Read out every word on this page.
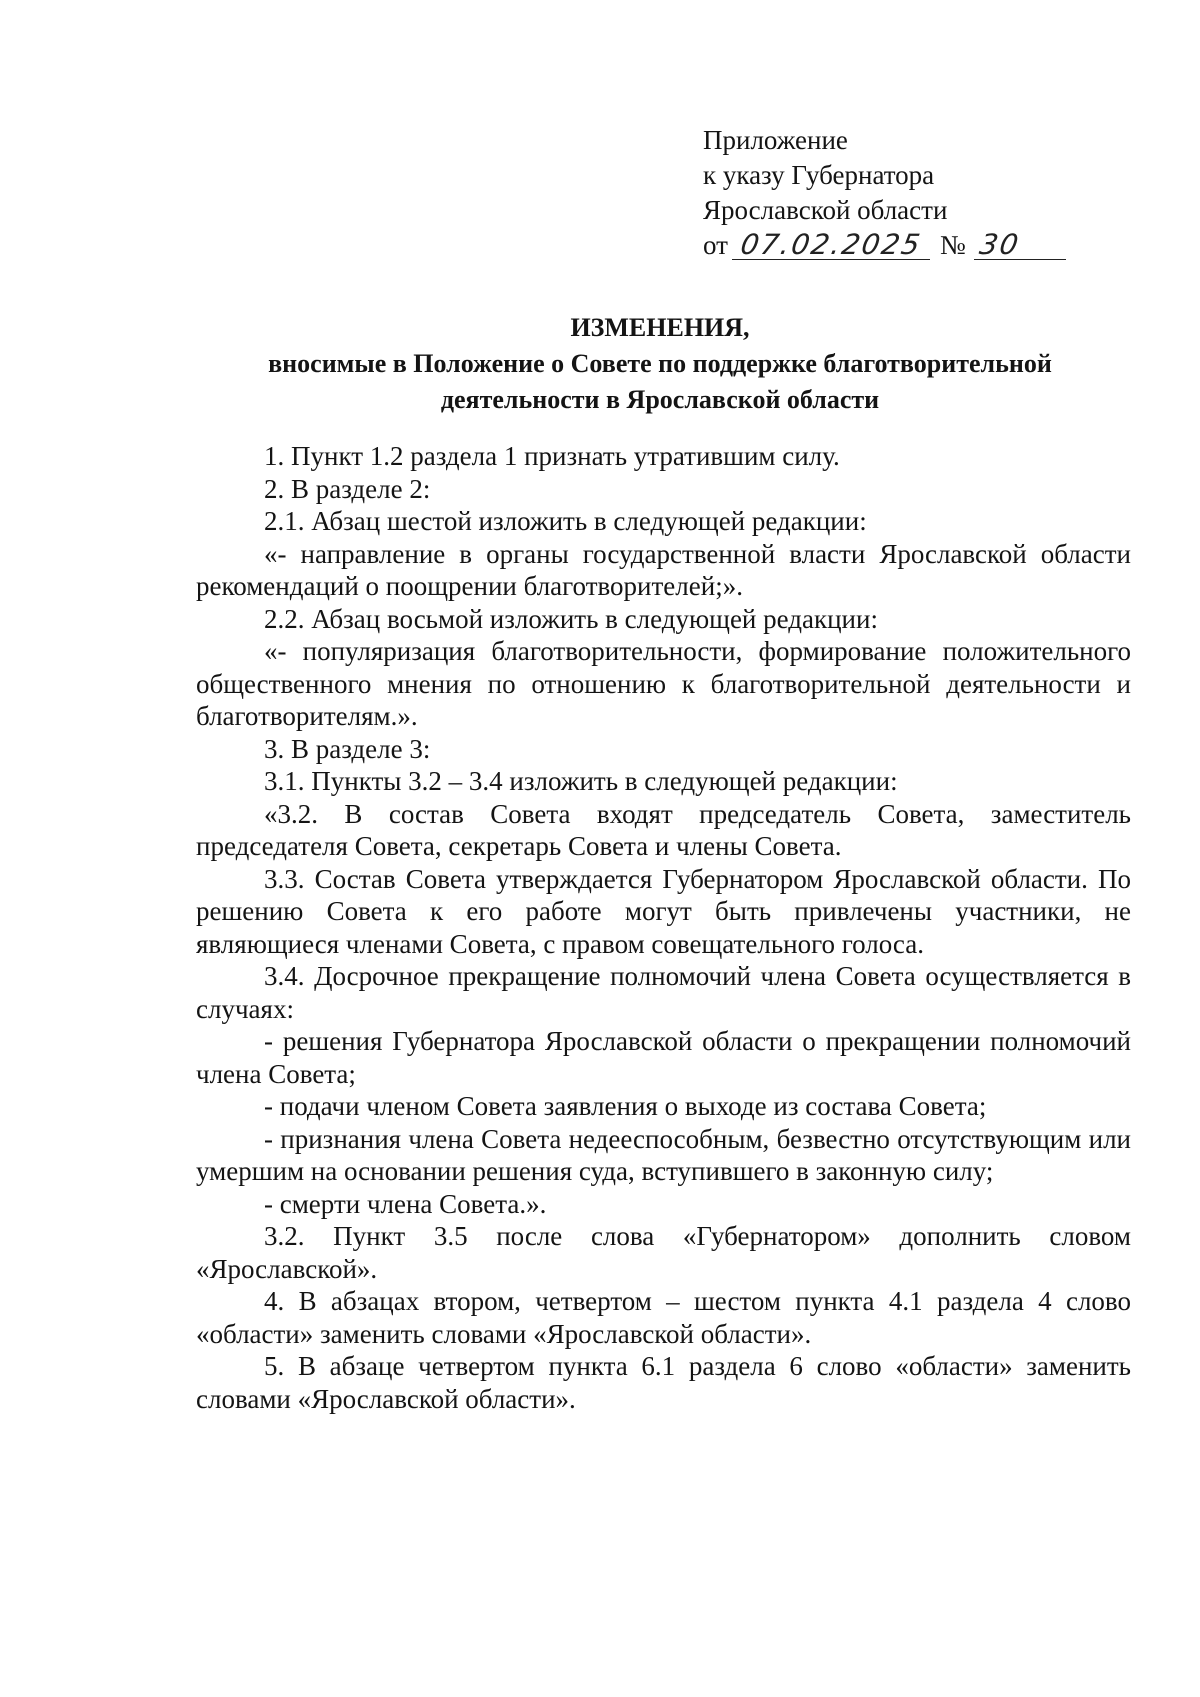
Приложение
к указу Губернатора
Ярославской области
от 07.02.2025 № 30
ИЗМЕНЕНИЯ,
вносимые в Положение о Совете по поддержке благотворительной
деятельности в Ярославской области

1. Пункт 1.2 раздела 1 признать утратившим силу.

2. В разделе 2:

2.1. Абзац шестой изложить в следующей редакции:

«- направление в органы государственной власти Ярославской области рекомендаций о поощрении благотворителей;».

2.2. Абзац восьмой изложить в следующей редакции:

«- популяризация благотворительности, формирование положительного общественного мнения по отношению к благотворительной деятельности и благотворителям.».

3. В разделе 3:

3.1. Пункты 3.2 – 3.4 изложить в следующей редакции:

«3.2. В состав Совета входят председатель Совета, заместитель председателя Совета, секретарь Совета и члены Совета.

3.3. Состав Совета утверждается Губернатором Ярославской области. По решению Совета к его работе могут быть привлечены участники, не являющиеся членами Совета, с правом совещательного голоса.

3.4. Досрочное прекращение полномочий члена Совета осуществляется в случаях:

- решения Губернатора Ярославской области о прекращении полномочий члена Совета;

- подачи членом Совета заявления о выходе из состава Совета;

- признания члена Совета недееспособным, безвестно отсутствующим или умершим на основании решения суда, вступившего в законную силу;

- смерти члена Совета.».

3.2. Пункт 3.5 после слова «Губернатором» дополнить словом «Ярославской».

4. В абзацах втором, четвертом – шестом пункта 4.1 раздела 4 слово «области» заменить словами «Ярославской области».

5. В абзаце четвертом пункта 6.1 раздела 6 слово «области» заменить словами «Ярославской области».
